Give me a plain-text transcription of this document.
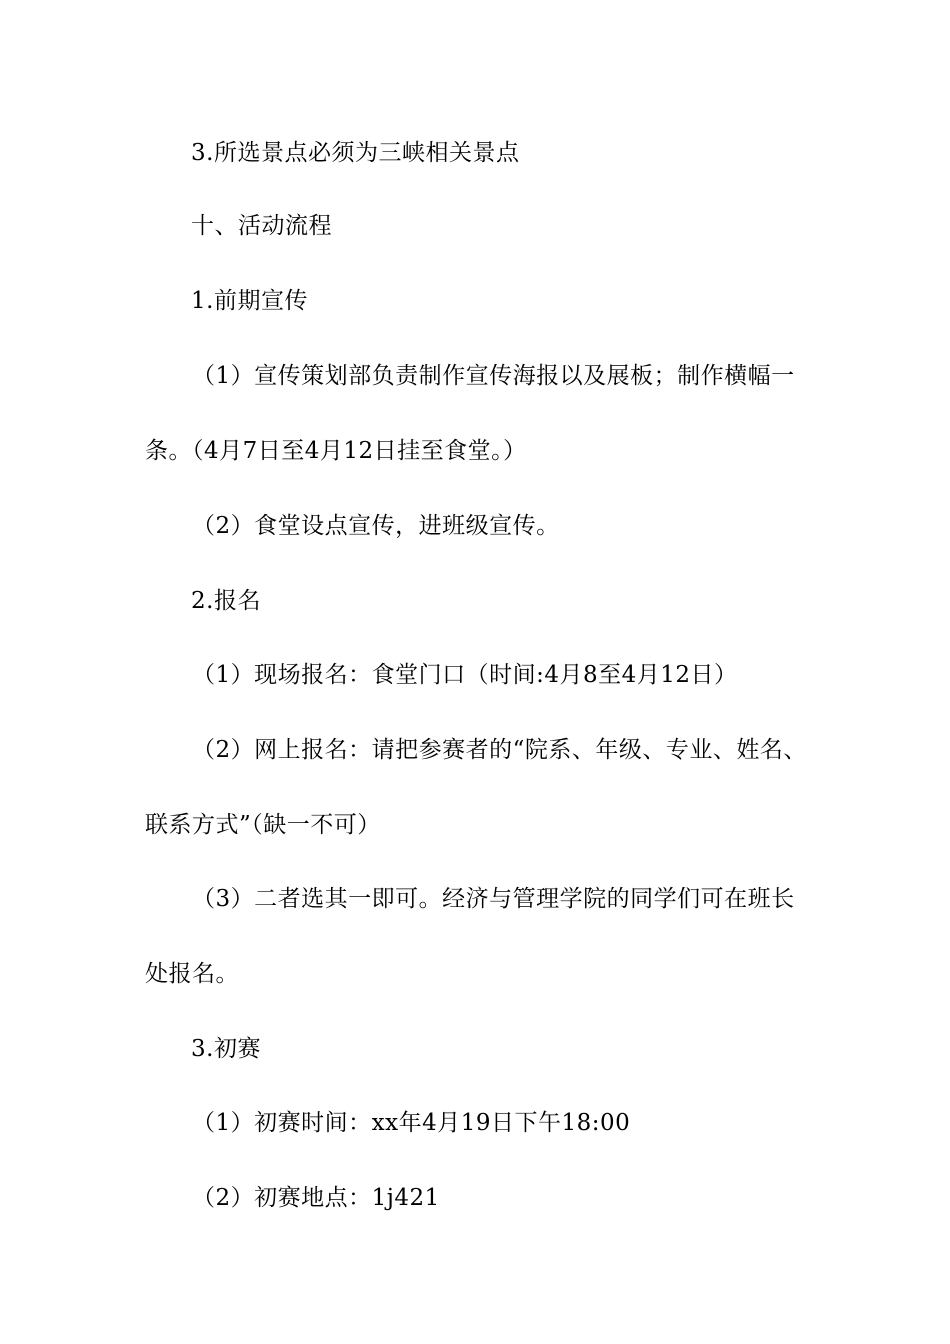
3.所选景点必须为三峡相关景点
十、活动流程
1.前期宣传
（1）宣传策划部负责制作宣传海报以及展板；制作横幅一
条。（4月7日至4月12日挂至食堂。）
（2）食堂设点宣传，进班级宣传。
2.报名
（1）现场报名：食堂门口（时间:4月8至4月12日）
（2）网上报名：请把参赛者的“院系、年级、专业、姓名、
联系方式”（缺一不可）
（3）二者选其一即可。经济与管理学院的同学们可在班长
处报名。
3.初赛
（1）初赛时间：xx年4月19日下午18:00
（2）初赛地点：1j421
